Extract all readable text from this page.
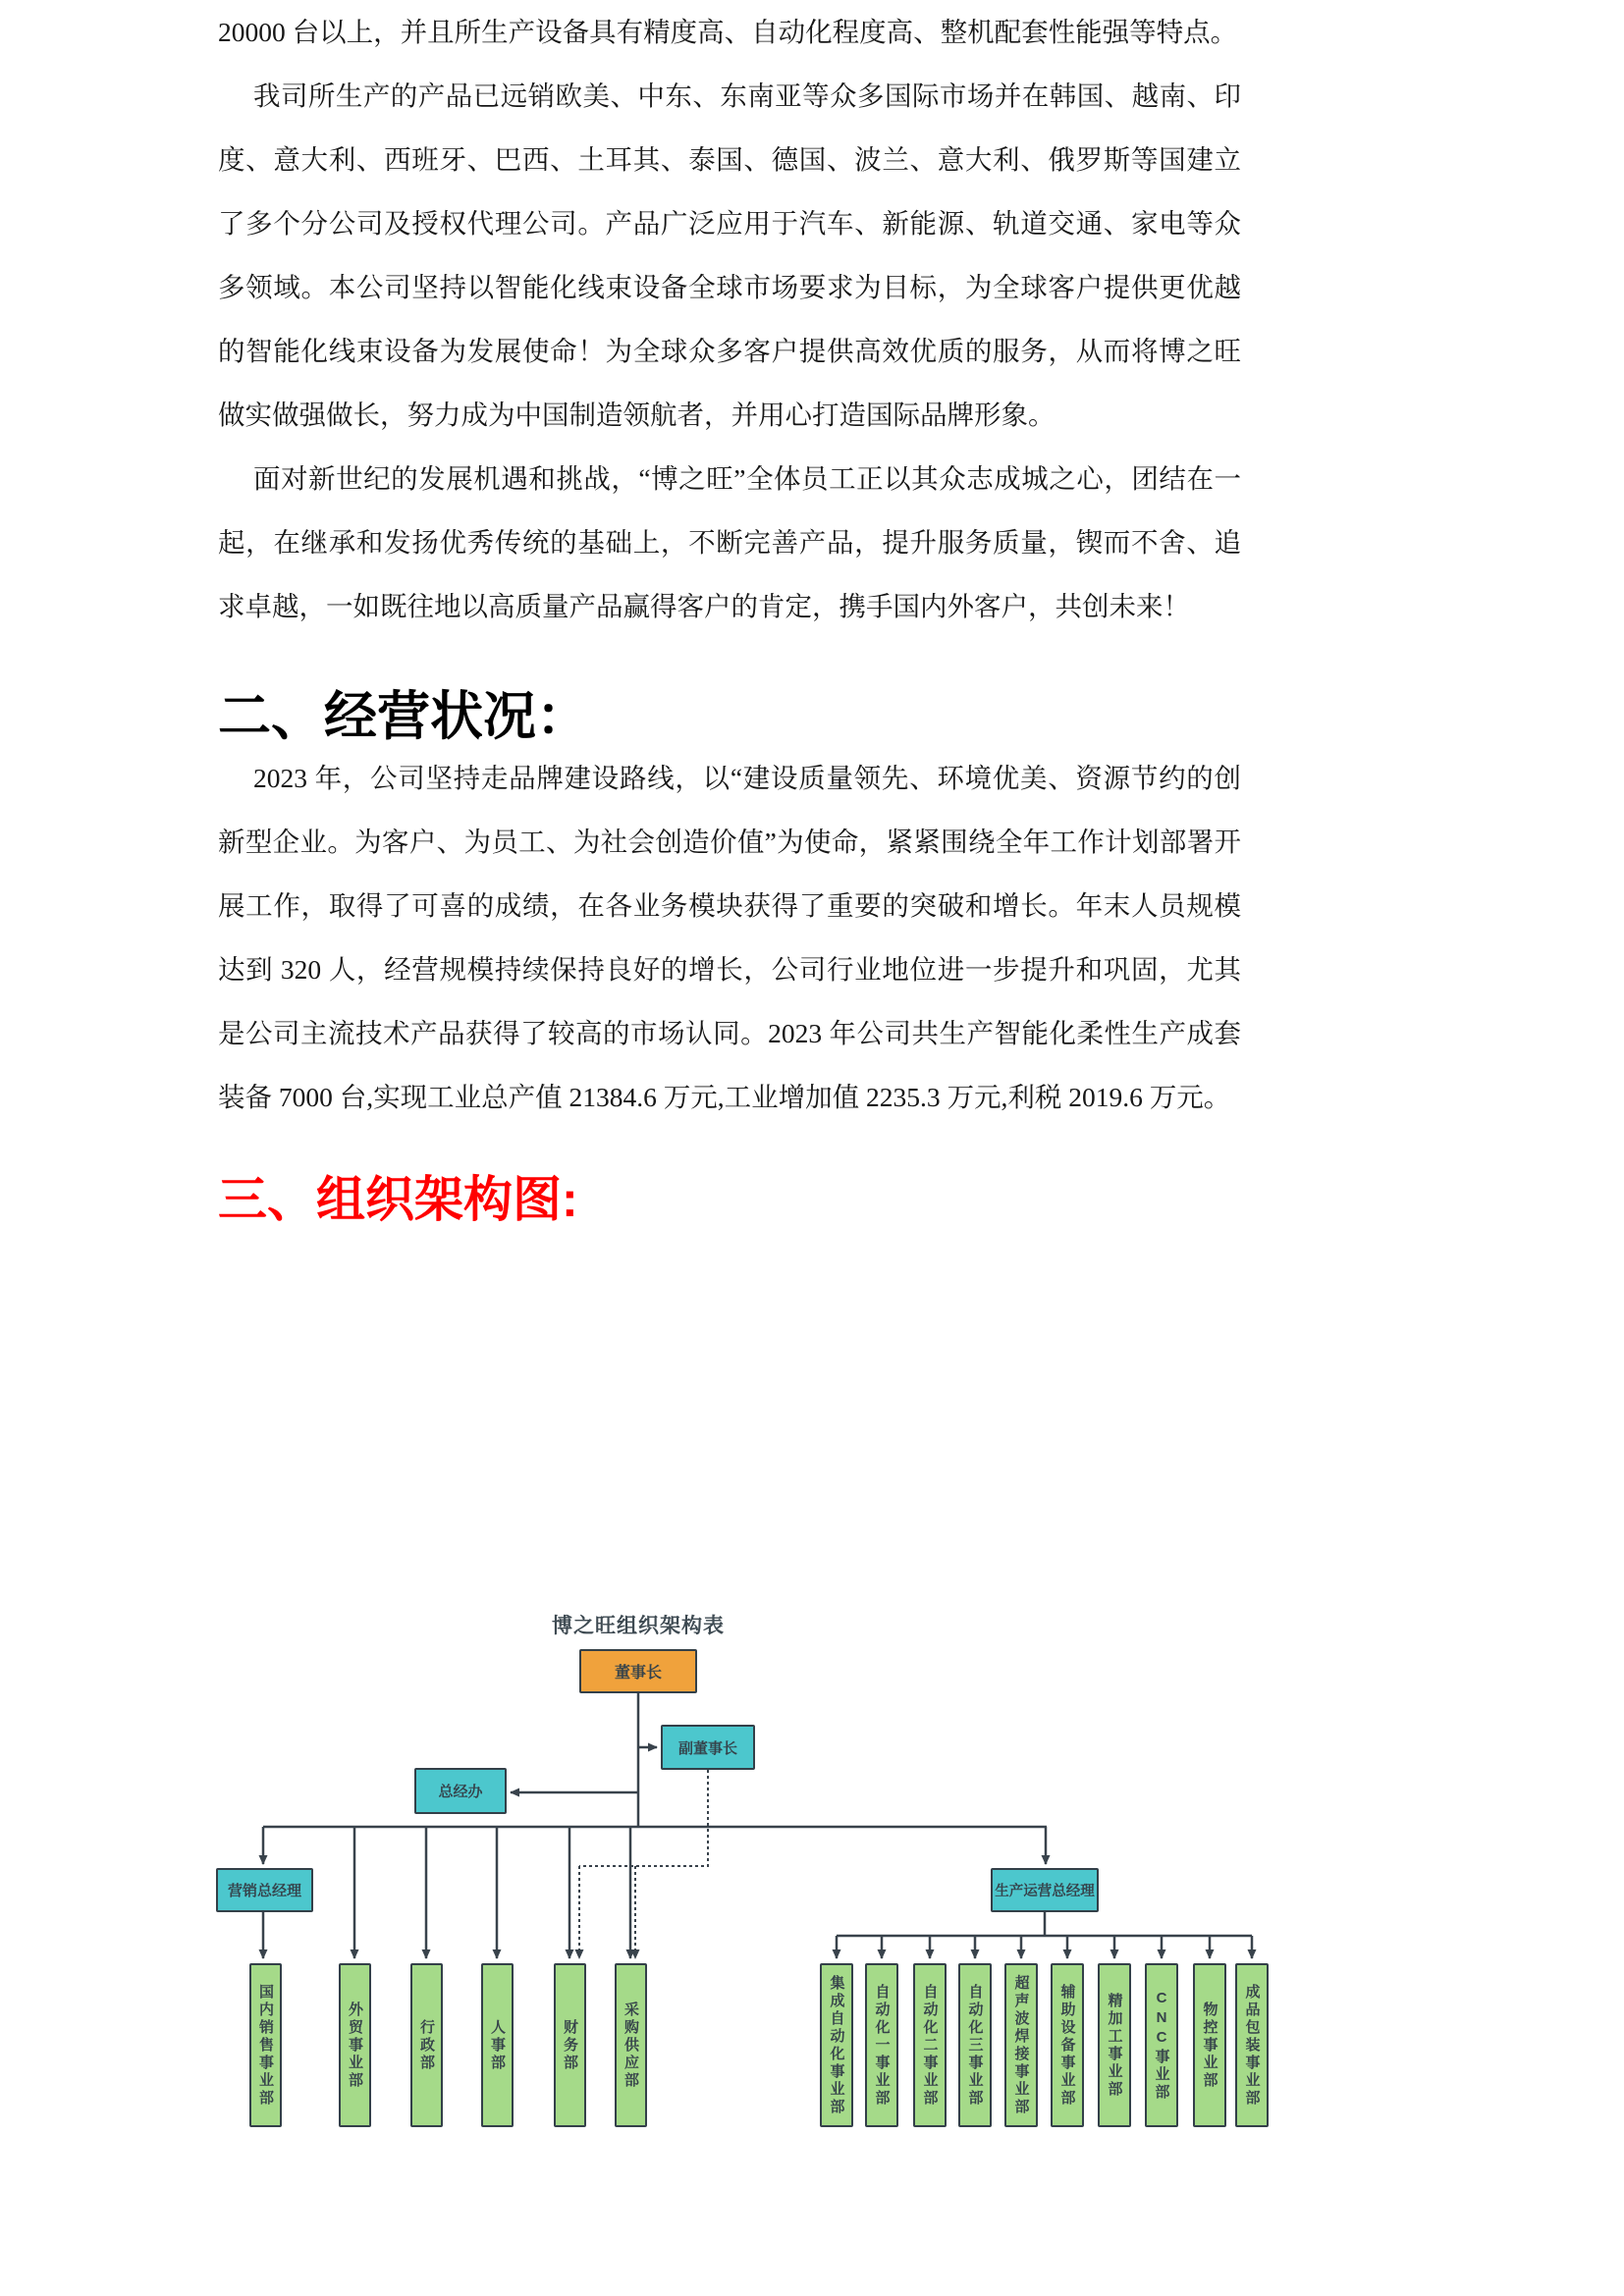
20000 台以上，并且所生产设备具有精度高、自动化程度高、整机配套性能强等特点。

我司所生产的产品已远销欧美、中东、东南亚等众多国际市场并在韩国、越南、印度、意大利、西班牙、巴西、土耳其、泰国、德国、波兰、意大利、俄罗斯等国建立了多个分公司及授权代理公司。产品广泛应用于汽车、新能源、轨道交通、家电等众多领域。本公司坚持以智能化线束设备全球市场要求为目标，为全球客户提供更优越的智能化线束设备为发展使命！为全球众多客户提供高效优质的服务，从而将博之旺做实做强做长，努力成为中国制造领航者，并用心打造国际品牌形象。

面对新世纪的发展机遇和挑战，“博之旺”全体员工正以其众志成城之心，团结在一起，在继承和发扬优秀传统的基础上，不断完善产品，提升服务质量，锲而不舍、追求卓越，一如既往地以高质量产品赢得客户的肯定，携手国内外客户，共创未来！

二、经营状况：

2023 年，公司坚持走品牌建设路线，以“建设质量领先、环境优美、资源节约的创新型企业。为客户、为员工、为社会创造价值”为使命，紧紧围绕全年工作计划部署开展工作，取得了可喜的成绩，在各业务模块获得了重要的突破和增长。年末人员规模达到 320 人，经营规模持续保持良好的增长，公司行业地位进一步提升和巩固，尤其是公司主流技术产品获得了较高的市场认同。2023 年公司共生产智能化柔性生产成套装备 7000 台,实现工业总产值 21384.6 万元,工业增加值 2235.3 万元,利税 2019.6 万元。

三、组织架构图:
博之旺组织架构表
董事长
副董事长
总经办
营销总经理	生产运营总经理
国内销售事业部	外贸事业部	行政部	人事部	财务部	采购供应部	集成自动化事业部 自动化一事业部 自动化二事业部 自动化三事业部 超声波焊接事业部 辅助设备事业部 精加工事业部 CNC事业部 物控事业部 成品包装事业部
